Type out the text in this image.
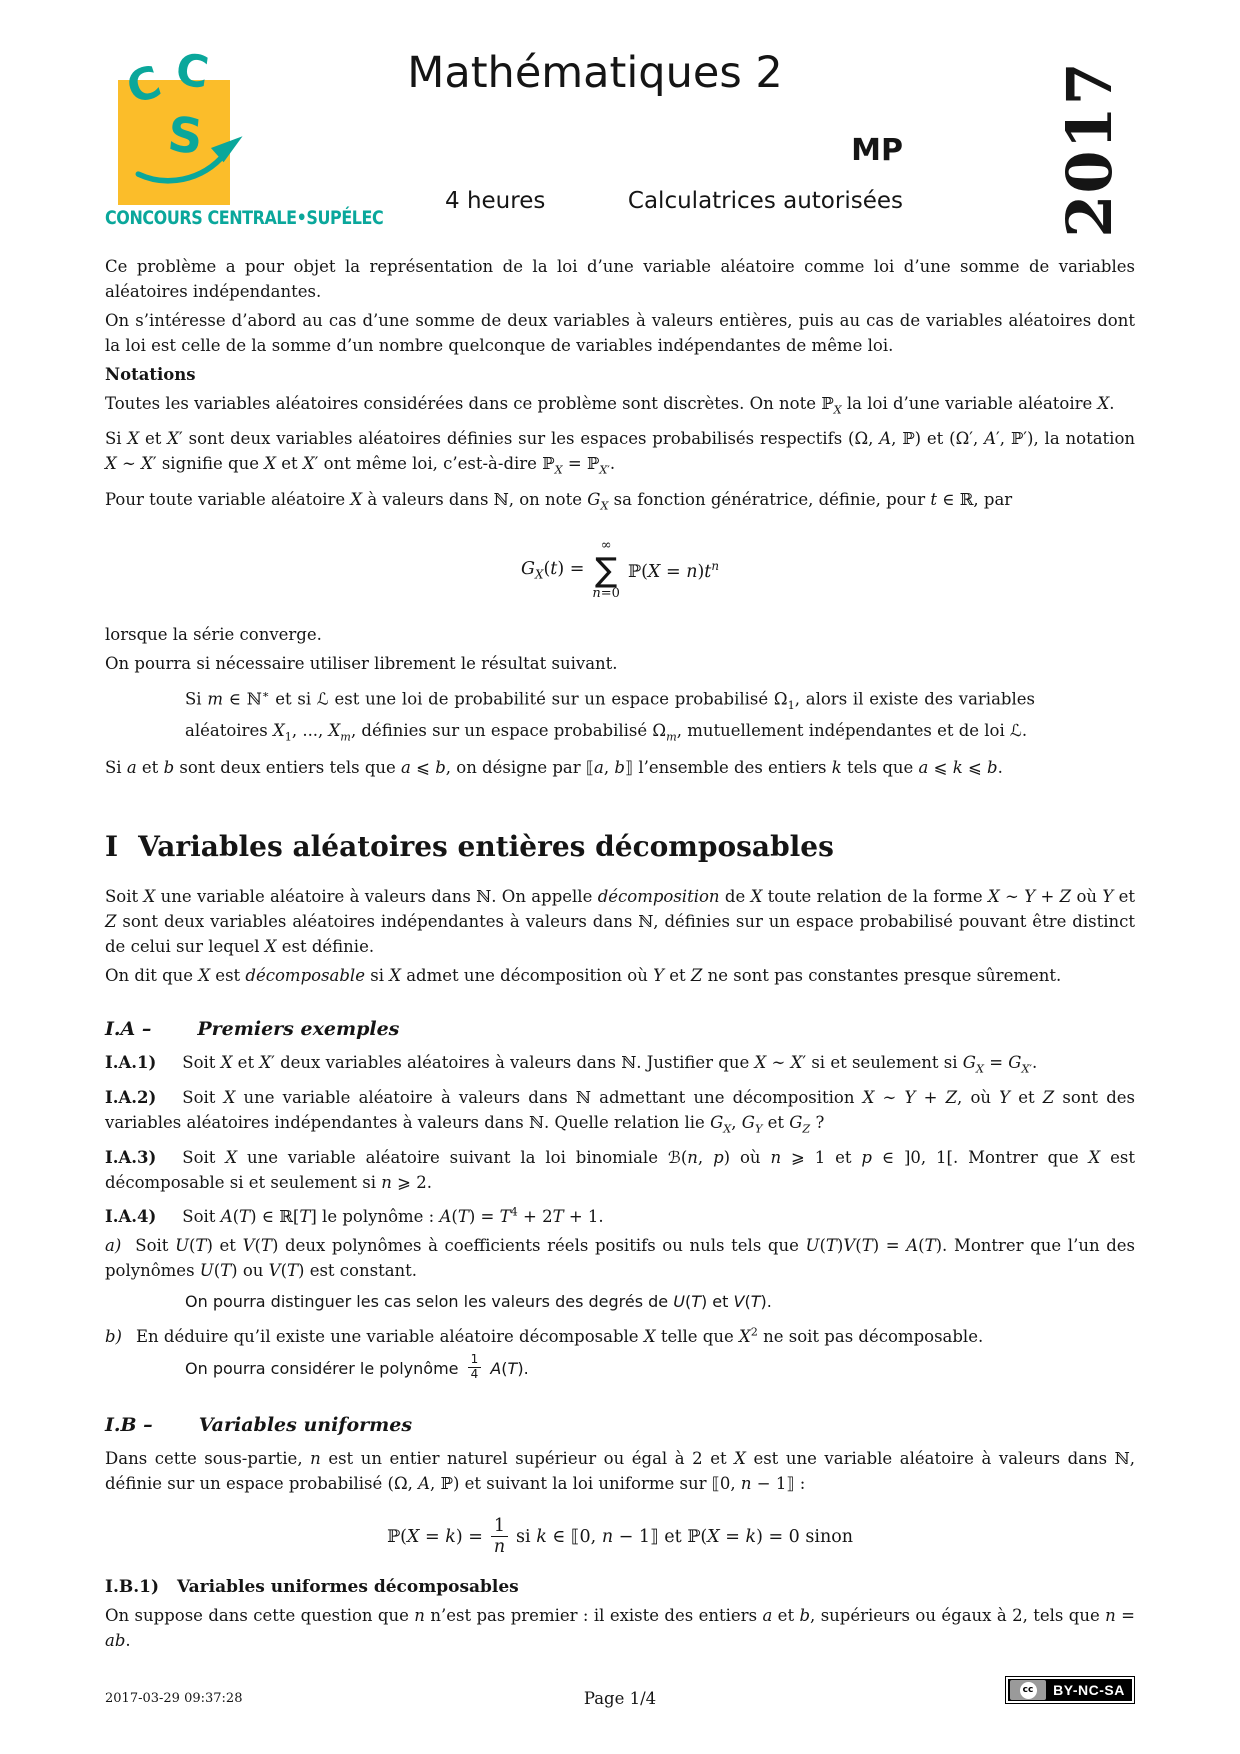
C C
S
CONCOURS CENTRALE•SUPÉLEC
Mathématiques 2
MP
4 heures	Calculatrices autorisées 2017

Ce problème a pour objet la représentation de la loi d’une variable aléatoire comme loi d’une somme de variables aléatoires indépendantes.

On s’intéresse d’abord au cas d’une somme de deux variables à valeurs entières, puis au cas de variables aléatoires dont la loi est celle de la somme d’un nombre quelconque de variables indépendantes de même loi.

Notations

Toutes les variables aléatoires considérées dans ce problème sont discrètes. On note ℙ$_X$ la loi d’une variable aléatoire X.

Si X et X′ sont deux variables aléatoires définies sur les espaces probabilisés respectifs (Ω, A, ℙ) et (Ω′, A′, ℙ′), la notation X ∼ X′ signifie que X et X′ ont même loi, c’est-à-dire ℙ$_X$ = ℙ$_{X'}$.

Pour toute variable aléatoire X à valeurs dans ℕ, on note $G_X$ sa fonction génératrice, définie, pour t ∈ ℝ, par

$G_X(t)$ =
∞
∑
n=0
ℙ(X = $n)t^n$

lorsque la série converge.

On pourra si nécessaire utiliser librement le résultat suivant.

Si m ∈ ℕ∗ et si ℒ est une loi de probabilité sur un espace probabilisé $\Omega_1$, alors il existe des variables aléatoires $X_1$, ..., $X_m$, définies sur un espace probabilisé $\Omega_m$, mutuellement indépendantes et de loi ℒ.

Si a et b sont deux entiers tels que a ⩽ b, on désigne par ⟦a, b⟧ l’ensemble des entiers k tels que a ⩽ k ⩽ b.

I Variables aléatoires entières décomposables

Soit X une variable aléatoire à valeurs dans ℕ. On appelle décomposition de X toute relation de la forme X ∼ Y + Z où Y et Z sont deux variables aléatoires indépendantes à valeurs dans ℕ, définies sur un espace probabilisé pouvant être distinct de celui sur lequel X est définie.

On dit que X est décomposable si X admet une décomposition où Y et Z ne sont pas constantes presque sûrement.

I.A – Premiers exemples

I.A.1) Soit X et X′ deux variables aléatoires à valeurs dans ℕ. Justifier que X ∼ X′ si et seulement si $G_X = G_{X'}$.

I.A.2) Soit X une variable aléatoire à valeurs dans ℕ admettant une décomposition X ∼ Y + Z, où Y et Z sont des variables aléatoires indépendantes à valeurs dans ℕ. Quelle relation lie $G_X$, $G_Y$ et $G_Z$ ?

I.A.3) Soit X une variable aléatoire suivant la loi binomiale ℬ(n, p) où n ⩾ 1 et p ∈ ]0, 1[. Montrer que X est décomposable si et seulement si n ⩾ 2.

I.A.4) Soit A(T) ∈ ℝ[T] le polynôme : $A(T) = T^4 + 2T + 1$.

a) Soit U(T) et V(T) deux polynômes à coefficients réels positifs ou nuls tels que U(T)V(T) = A(T). Montrer que l’un des polynômes U(T) ou V(T) est constant.

On pourra distinguer les cas selon les valeurs des degrés de U(T) et V(T).

b) En déduire qu’il existe une variable aléatoire décomposable X telle que $X^2$ ne soit pas décomposable.

On pourra considérer le polynôme $\frac{1}{4} A(T)$.

I.B – Variables uniformes

Dans cette sous-partie, n est un entier naturel supérieur ou égal à 2 et X est une variable aléatoire à valeurs dans ℕ, définie sur un espace probabilisé (Ω, A, ℙ) et suivant la loi uniforme sur ⟦0, n − 1⟧ :

ℙ(X = $k) = \frac{1}{n}$ si k ∈ ⟦0, n − 1⟧ et ℙ(X = k) = 0 sinon

I.B.1) Variables uniformes décomposables

On suppose dans cette question que n n’est pas premier : il existe des entiers a et b, supérieurs ou égaux à 2, tels que n = ab.

2017-03-29 09:37:28	Page 1/4	cc	BY-NC-SA
